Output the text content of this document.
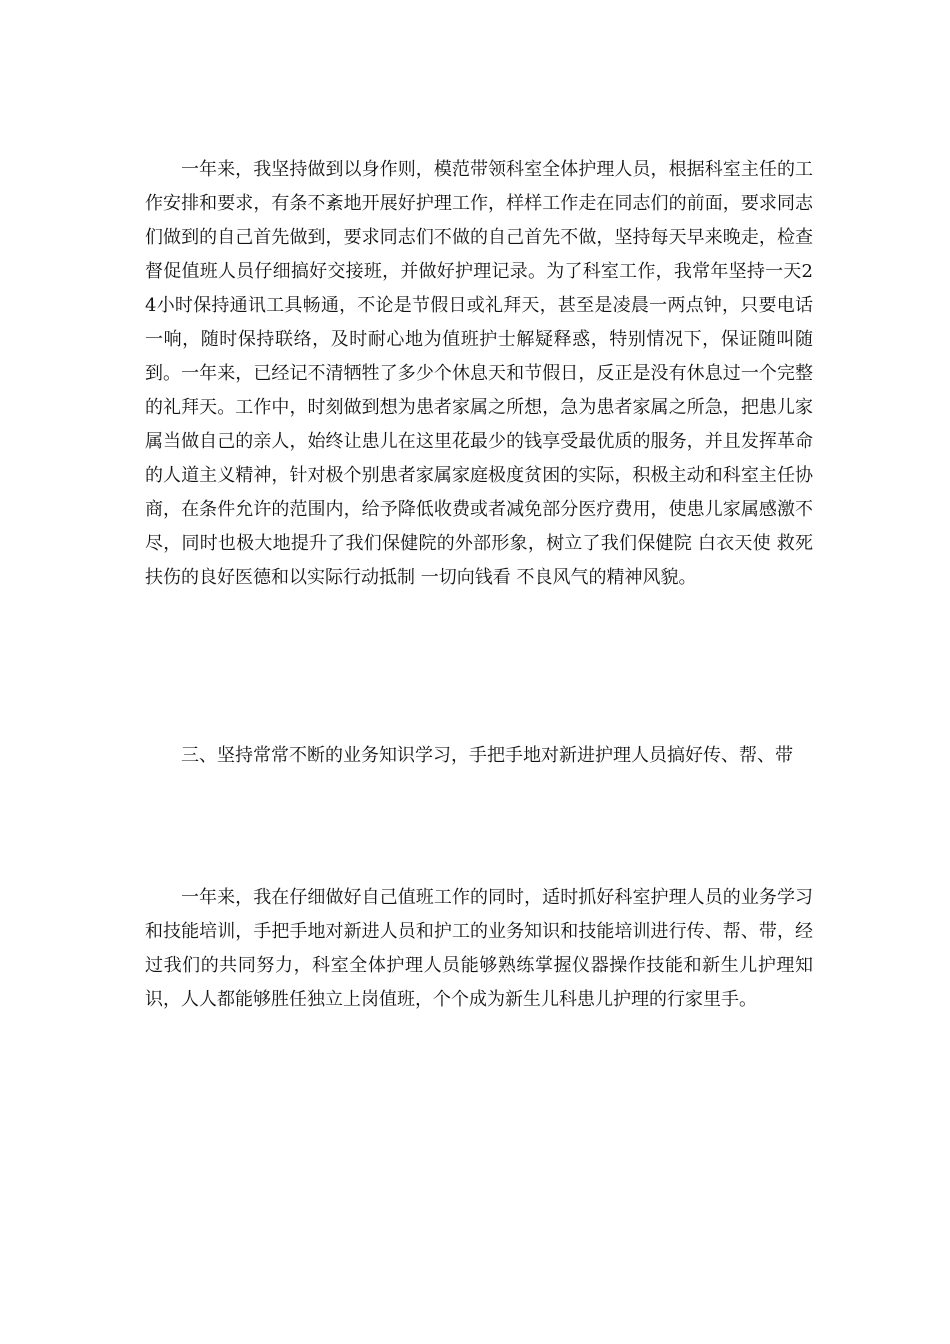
一年来，我坚持做到以身作则，模范带领科室全体护理人员，根据科室主任的工作安排和要求，有条不紊地开展好护理工作，样样工作走在同志们的前面，要求同志们做到的自己首先做到，要求同志们不做的自己首先不做，坚持每天早来晚走，检查督促值班人员仔细搞好交接班，并做好护理记录。为了科室工作，我常年坚持一天24小时保持通讯工具畅通，不论是节假日或礼拜天，甚至是凌晨一两点钟，只要电话一响，随时保持联络，及时耐心地为值班护士解疑释惑，特别情况下，保证随叫随到。一年来，已经记不清牺牲了多少个休息天和节假日，反正是没有休息过一个完整的礼拜天。工作中，时刻做到想为患者家属之所想，急为患者家属之所急，把患儿家属当做自己的亲人，始终让患儿在这里花最少的钱享受最优质的服务，并且发挥革命的人道主义精神，针对极个别患者家属家庭极度贫困的实际，积极主动和科室主任协商，在条件允许的范围内，给予降低收费或者减免部分医疗费用，使患儿家属感激不尽，同时也极大地提升了我们保健院的外部形象，树立了我们保健院 白衣天使 救死扶伤的良好医德和以实际行动抵制 一切向钱看 不良风气的精神风貌。

三、坚持常常不断的业务知识学习，手把手地对新进护理人员搞好传、帮、带

一年来，我在仔细做好自己值班工作的同时，适时抓好科室护理人员的业务学习和技能培训，手把手地对新进人员和护工的业务知识和技能培训进行传、帮、带，经过我们的共同努力，科室全体护理人员能够熟练掌握仪器操作技能和新生儿护理知识，人人都能够胜任独立上岗值班，个个成为新生儿科患儿护理的行家里手。
